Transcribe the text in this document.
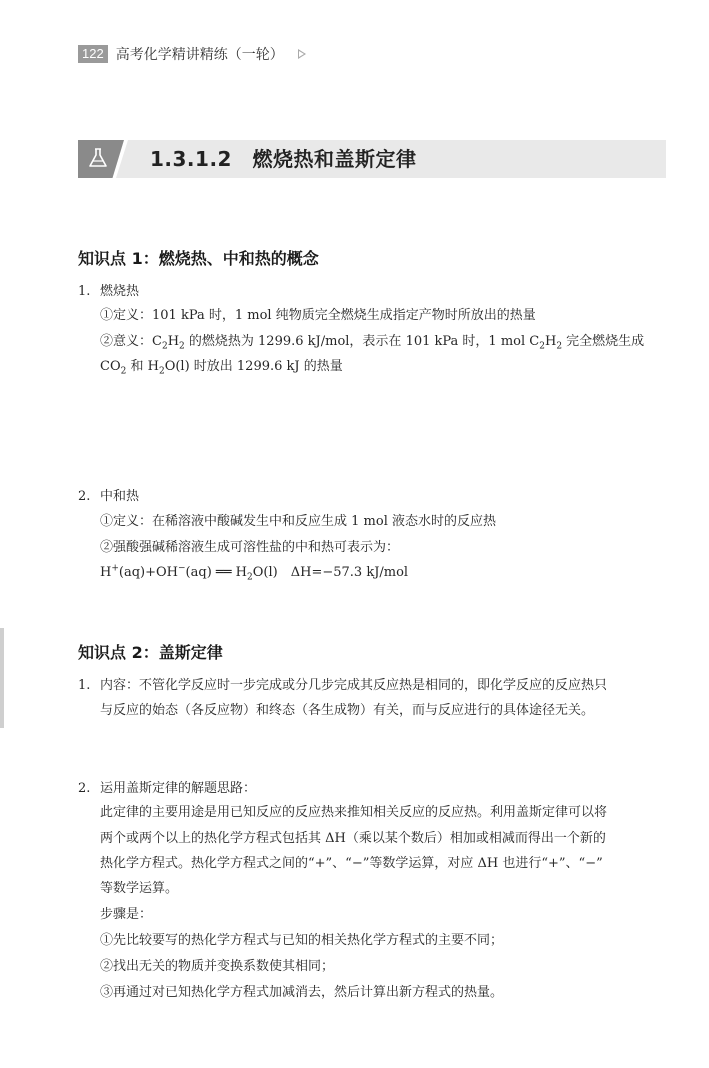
122 高考化学精讲精练（一轮）
1.3.1.2　燃烧热和盖斯定律
知识点 1：燃烧热、中和热的概念
1. 燃烧热
①定义：101 kPa 时，1 mol 纯物质完全燃烧生成指定产物时所放出的热量
②意义：$C_2H_2$ 的燃烧热为 1299.6 kJ/mol，表示在 101 kPa 时，1 mol $C_2H_2$ 完全燃烧生成
$CO_2$ 和 $H_2O(l)$ 时放出 1299.6 kJ 的热量
2. 中和热
①定义：在稀溶液中酸碱发生中和反应生成 1 mol 液态水时的反应热
②强酸强碱稀溶液生成可溶性盐的中和热可表示为：
H+(aq)+OH−(aq) ══ $H_2O(l)$　ΔH=−57.3 kJ/mol
知识点 2：盖斯定律
1. 内容：不管化学反应时一步完成或分几步完成其反应热是相同的，即化学反应的反应热只
与反应的始态（各反应物）和终态（各生成物）有关，而与反应进行的具体途径无关。
2. 运用盖斯定律的解题思路：
此定律的主要用途是用已知反应的反应热来推知相关反应的反应热。利用盖斯定律可以将
两个或两个以上的热化学方程式包括其 ΔH（乘以某个数后）相加或相减而得出一个新的
热化学方程式。热化学方程式之间的“+”、“−”等数学运算，对应 ΔH 也进行“+”、“−”
等数学运算。
步骤是：
①先比较要写的热化学方程式与已知的相关热化学方程式的主要不同；
②找出无关的物质并变换系数使其相同；
③再通过对已知热化学方程式加减消去，然后计算出新方程式的热量。
